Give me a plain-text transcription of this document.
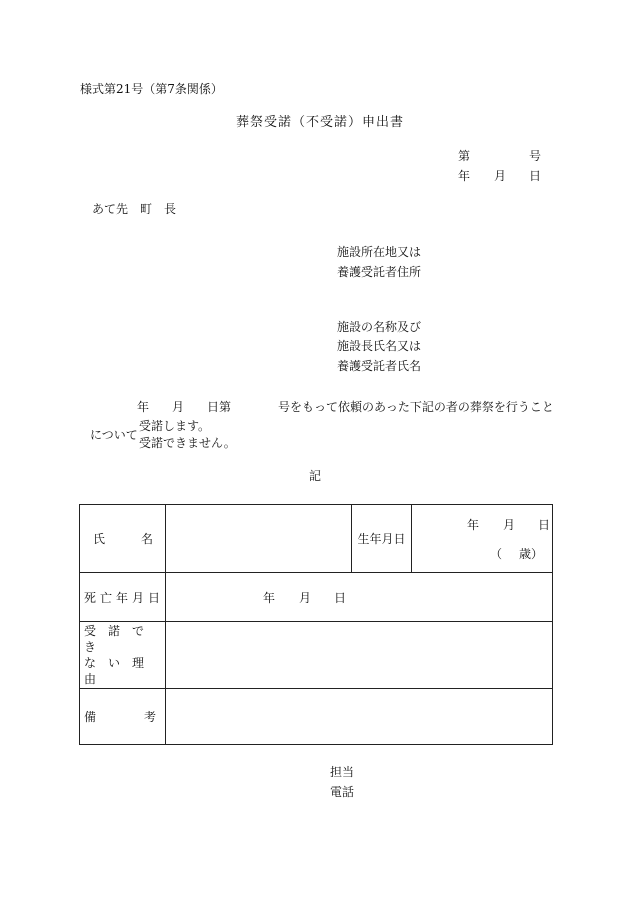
様式第21号（第7条関係）
葬祭受諾（不受諾）申出書
第	号
年 月 日
あて先　町　長
施設所在地又は
養護受託者住所
施設の名称及び
施設長氏名又は
養護受託者氏名
年 月 日第	号をもって依頼のあった下記の者の葬祭を行うこと
受諾します。
について
受諾できません。
記
氏　　　名		生年月日	年 月 日
（ 歳）

死亡年月日	年 月 日		

受　諾　で　き
な　い　理　由			

備　　　　考			

担当
電話
